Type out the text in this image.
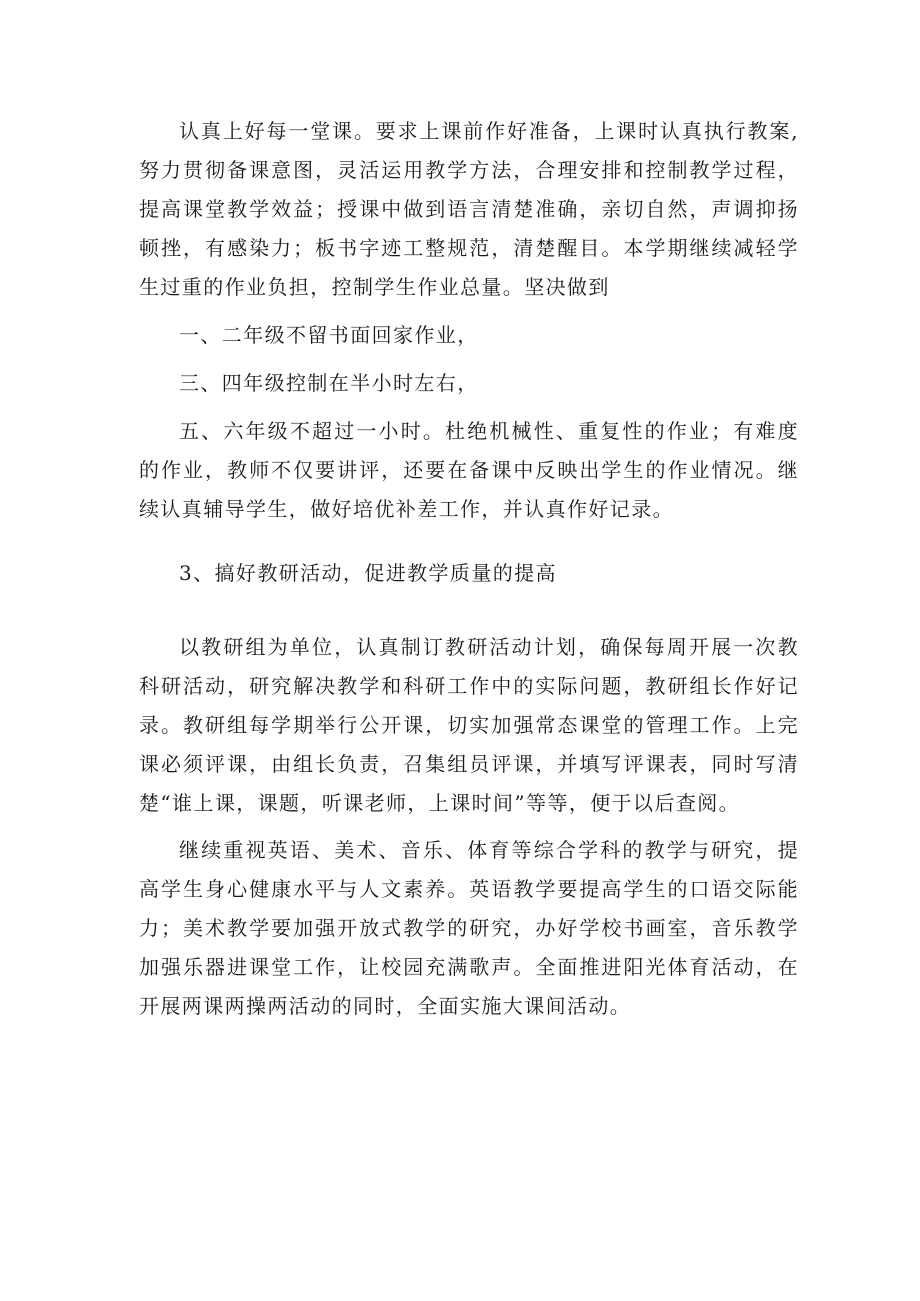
认真上好每一堂课。要求上课前作好准备，上课时认真执行教案,努力贯彻备课意图，灵活运用教学方法，合理安排和控制教学过程，提高课堂教学效益；授课中做到语言清楚准确，亲切自然，声调抑扬顿挫，有感染力；板书字迹工整规范，清楚醒目。本学期继续减轻学生过重的作业负担，控制学生作业总量。坚决做到

一、二年级不留书面回家作业，

三、四年级控制在半小时左右，

五、六年级不超过一小时。杜绝机械性、重复性的作业；有难度的作业，教师不仅要讲评，还要在备课中反映出学生的作业情况。继续认真辅导学生，做好培优补差工作，并认真作好记录。

3、搞好教研活动，促进教学质量的提高

以教研组为单位，认真制订教研活动计划，确保每周开展一次教科研活动，研究解决教学和科研工作中的实际问题，教研组长作好记录。教研组每学期举行公开课，切实加强常态课堂的管理工作。上完课必须评课，由组长负责，召集组员评课，并填写评课表，同时写清楚“谁上课，课题，听课老师，上课时间”等等，便于以后查阅。

继续重视英语、美术、音乐、体育等综合学科的教学与研究，提高学生身心健康水平与人文素养。英语教学要提高学生的口语交际能力；美术教学要加强开放式教学的研究，办好学校书画室，音乐教学加强乐器进课堂工作，让校园充满歌声。全面推进阳光体育活动，在开展两课两操两活动的同时，全面实施大课间活动。
